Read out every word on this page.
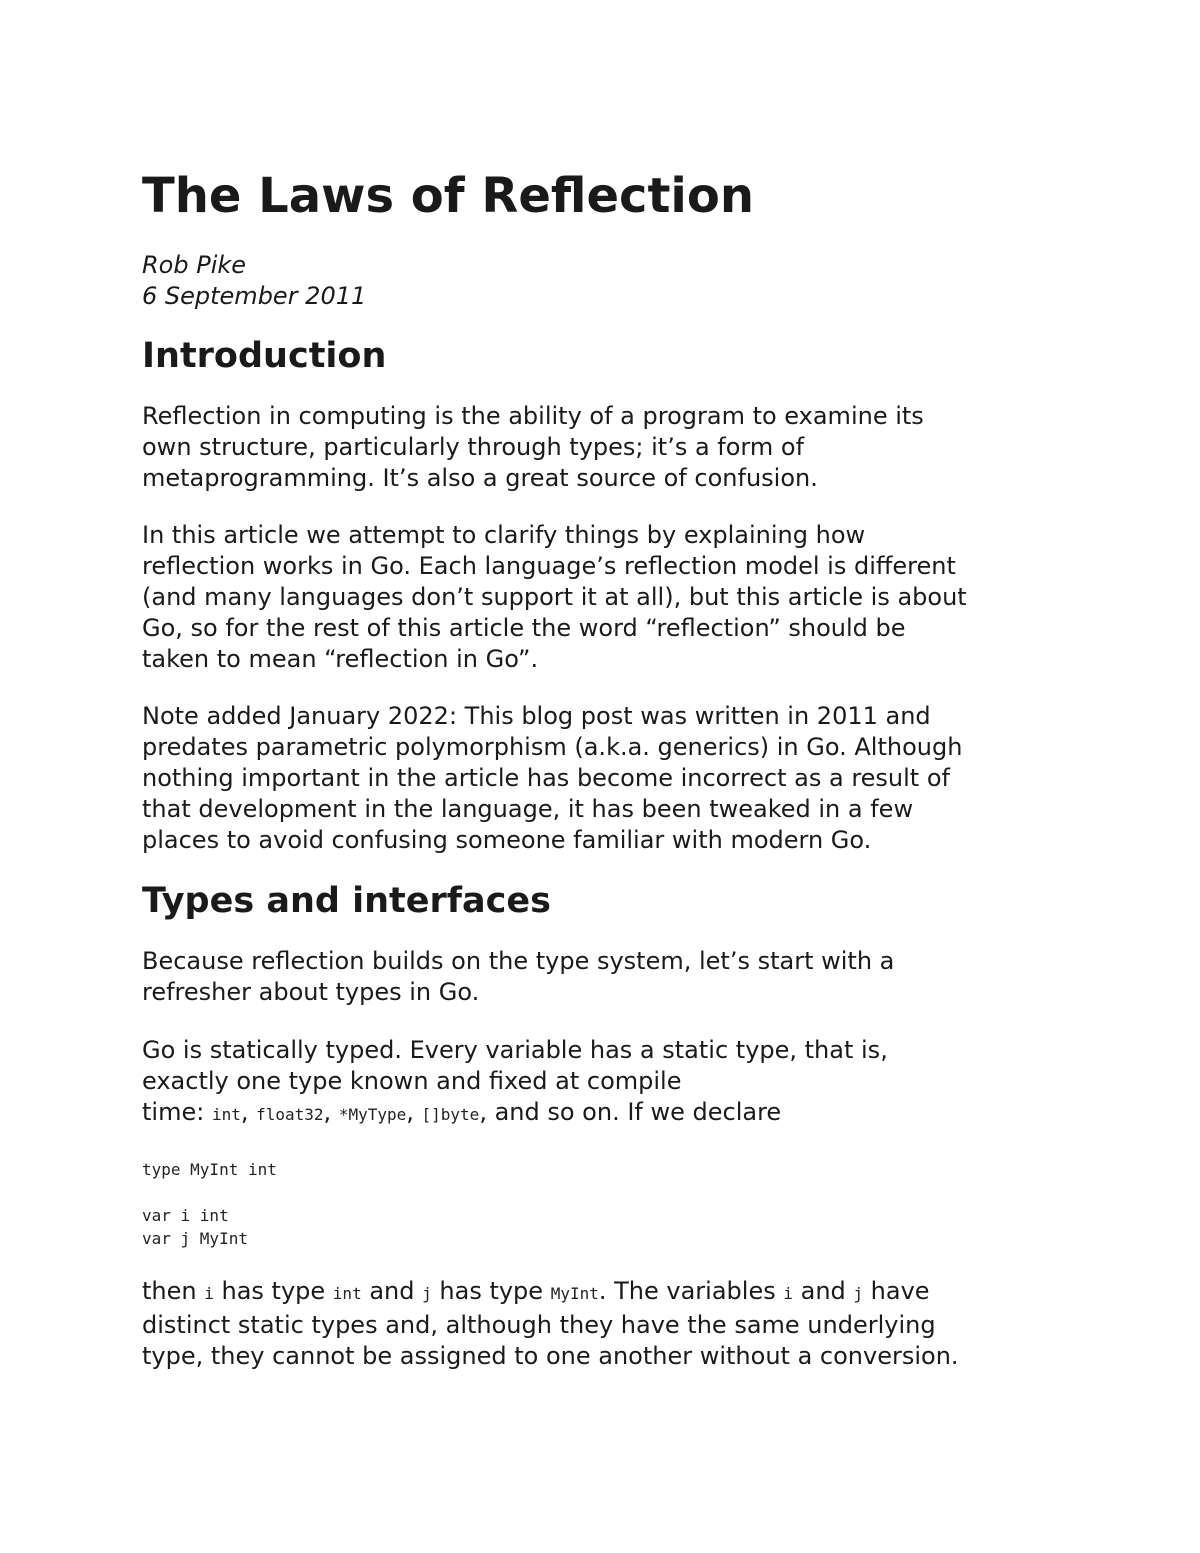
The Laws of Reflection
Rob Pike
6 September 2011
Introduction

Reflection in computing is the ability of a program to examine its
own structure, particularly through types; it’s a form of
metaprogramming. It’s also a great source of confusion.

In this article we attempt to clarify things by explaining how
reflection works in Go. Each language’s reflection model is different
(and many languages don’t support it at all), but this article is about
Go, so for the rest of this article the word “reflection” should be
taken to mean “reflection in Go”.

Note added January 2022: This blog post was written in 2011 and
predates parametric polymorphism (a.k.a. generics) in Go. Although
nothing important in the article has become incorrect as a result of
that development in the language, it has been tweaked in a few
places to avoid confusing someone familiar with modern Go.

Types and interfaces

Because reflection builds on the type system, let’s start with a
refresher about types in Go.

Go is statically typed. Every variable has a static type, that is,
exactly one type known and fixed at compile
time: int, float32, *MyType, []byte, and so on. If we declare

type MyInt int

var i int
var j MyInt

then i has type int and j has type MyInt. The variables i and j have
distinct static types and, although they have the same underlying
type, they cannot be assigned to one another without a conversion.
